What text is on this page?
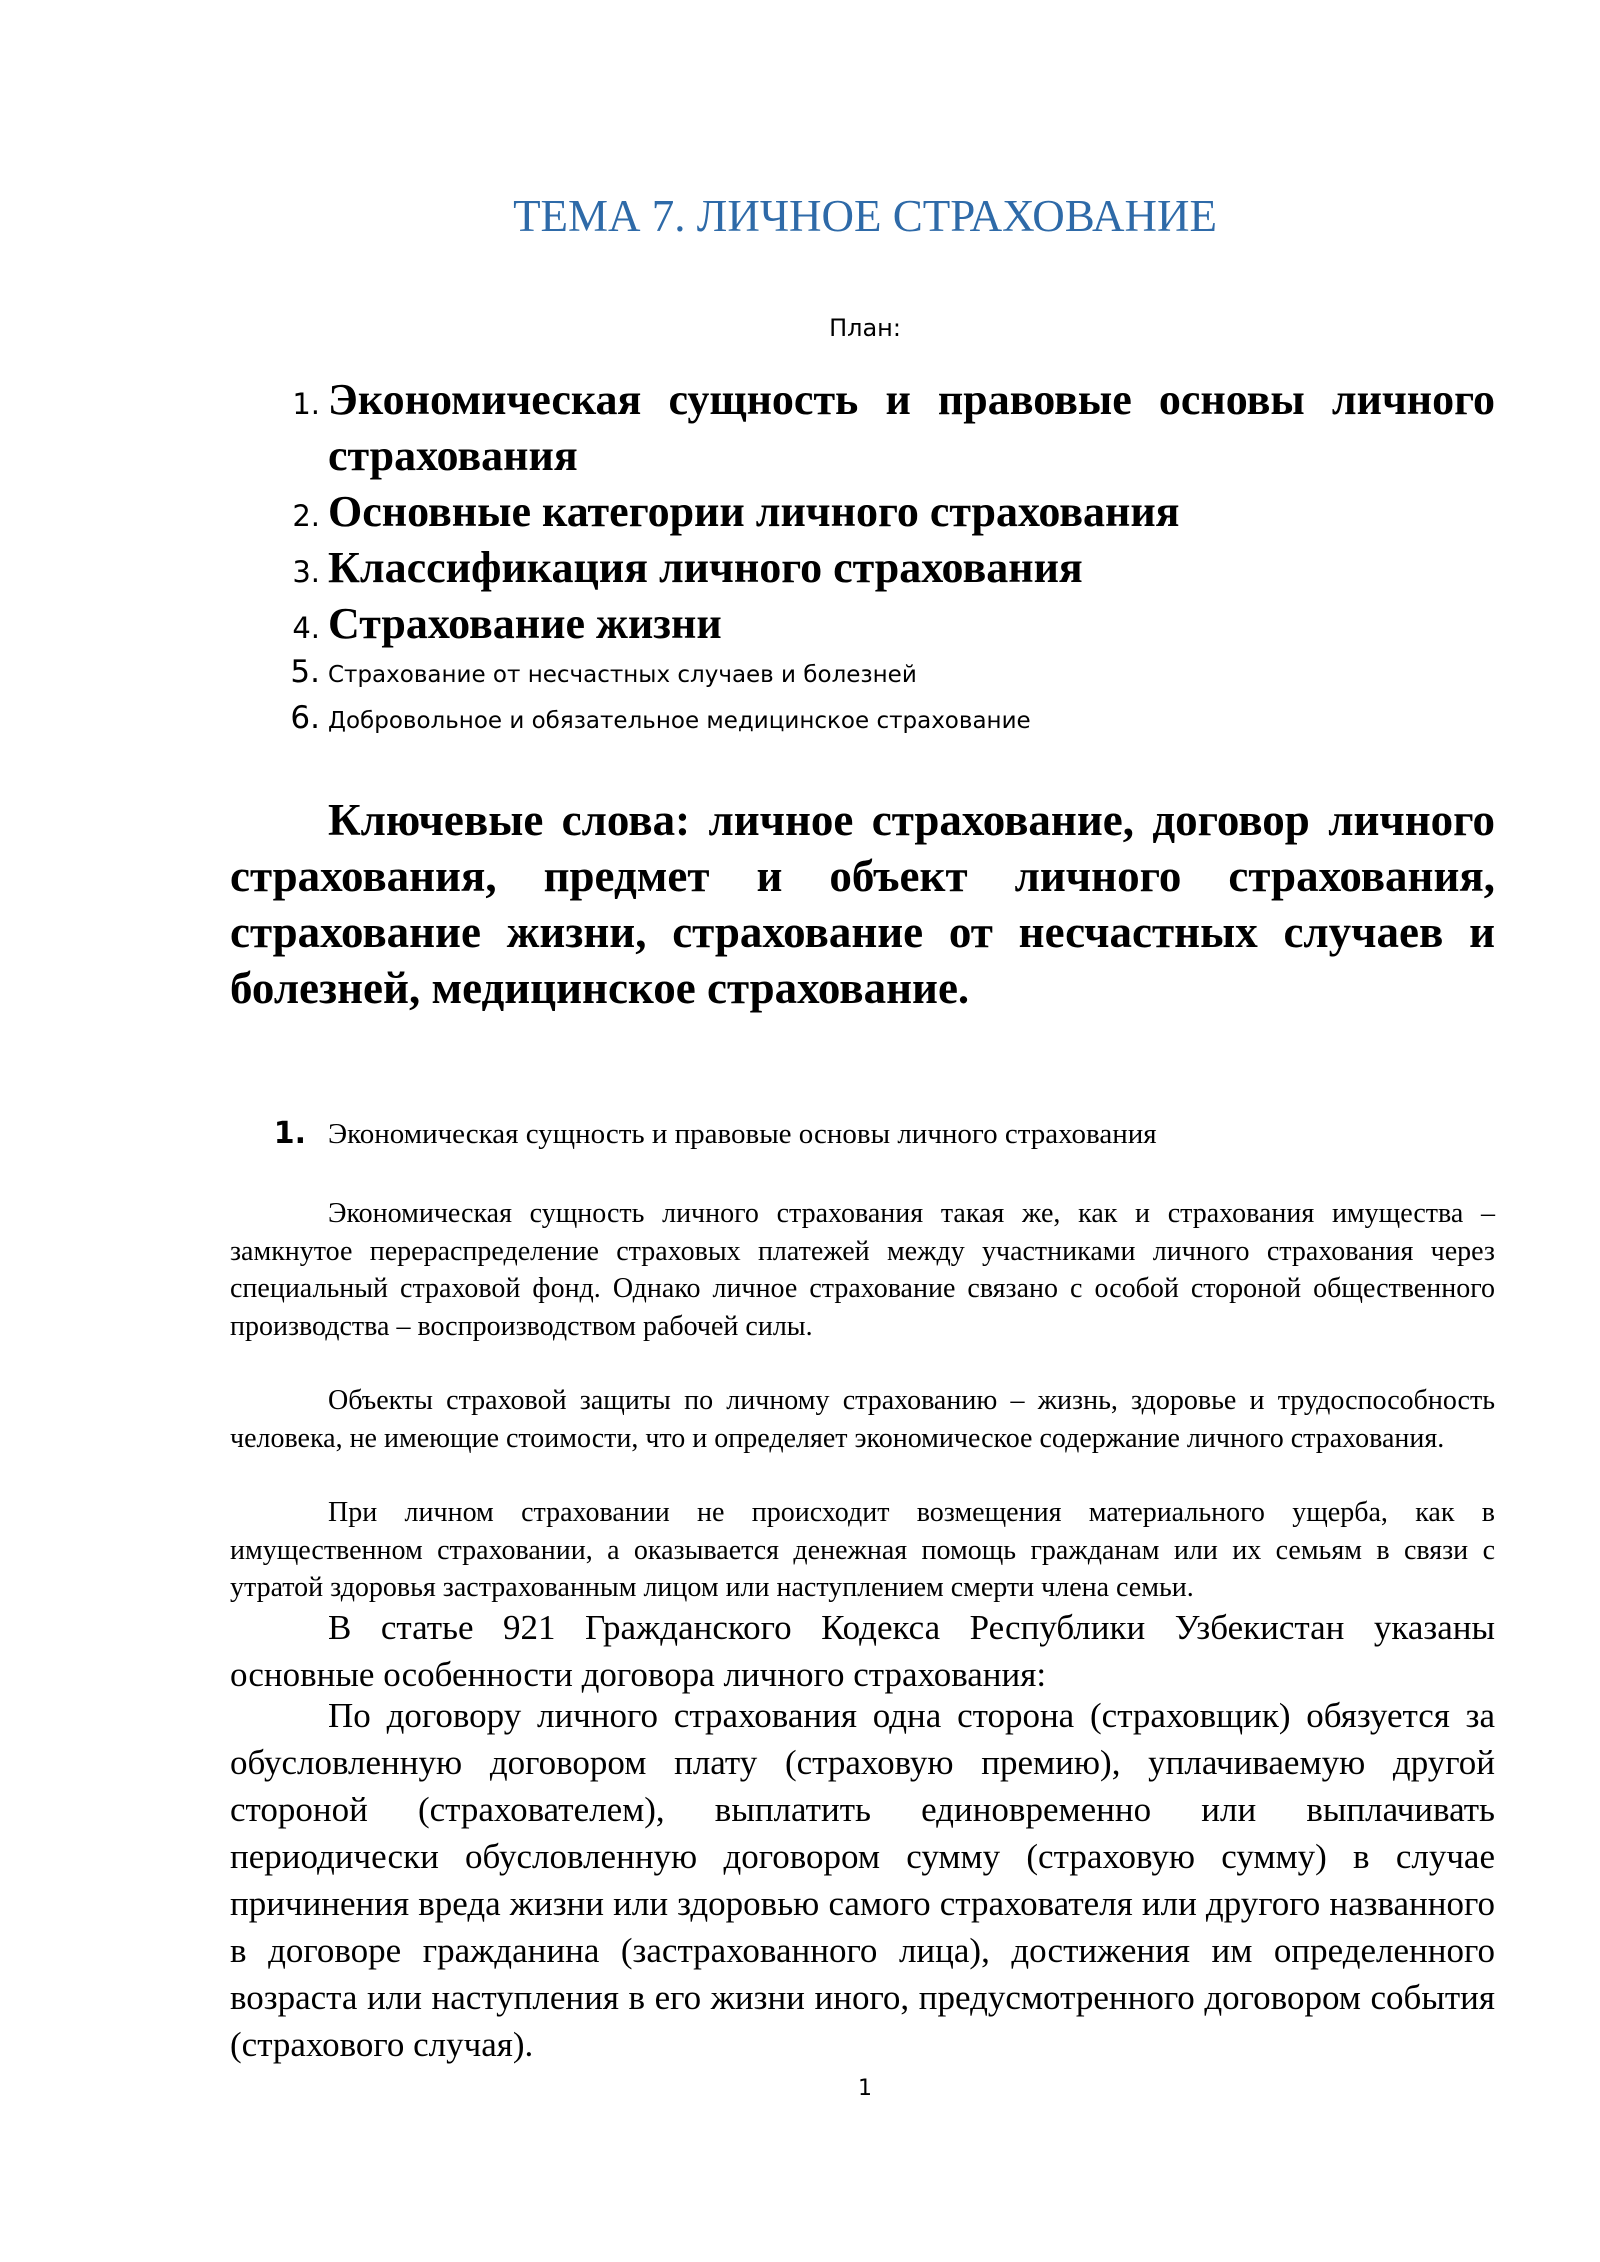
ТЕМА 7. ЛИЧНОЕ СТРАХОВАНИЕ
План:
1. Экономическая сущность и правовые основы личного страхования
2. Основные категории личного страхования
3. Классификация личного страхования
4. Страхование жизни
5. Страхование от несчастных случаев и болезней
6. Добровольное и обязательное медицинское страхование

Ключевые слова: личное страхование, договор личного страхования, предмет и объект личного страхования, страхование жизни, страхование от несчастных случаев и болезней, медицинское страхование.

1. Экономическая сущность и правовые основы личного страхования

Экономическая сущность личного страхования такая же, как и страхования имущества – замкнутое перераспределение страховых платежей между участниками личного страхования через специальный страховой фонд. Однако личное страхование связано с особой стороной общественного производства – воспроизводством рабочей силы.

Объекты страховой защиты по личному страхованию – жизнь, здоровье и трудоспособность человека, не имеющие стоимости, что и определяет экономическое содержание личного страхования.

При личном страховании не происходит возмещения материального ущерба, как в имущественном страховании, а оказывается денежная помощь гражданам или их семьям в связи с утратой здоровья застрахованным лицом или наступлением смерти члена семьи.

В статье 921 Гражданского Кодекса Республики Узбекистан указаны основные особенности договора личного страхования:

По договору личного страхования одна сторона (страховщик) обязуется за обусловленную договором плату (страховую премию), уплачиваемую другой стороной (страхователем), выплатить единовременно или выплачивать периодически обусловленную договором сумму (страховую сумму) в случае причинения вреда жизни или здоровью самого страхователя или другого названного в договоре гражданина (застрахованного лица), достижения им определенного возраста или наступления в его жизни иного, предусмотренного договором события (страхового случая).

1
